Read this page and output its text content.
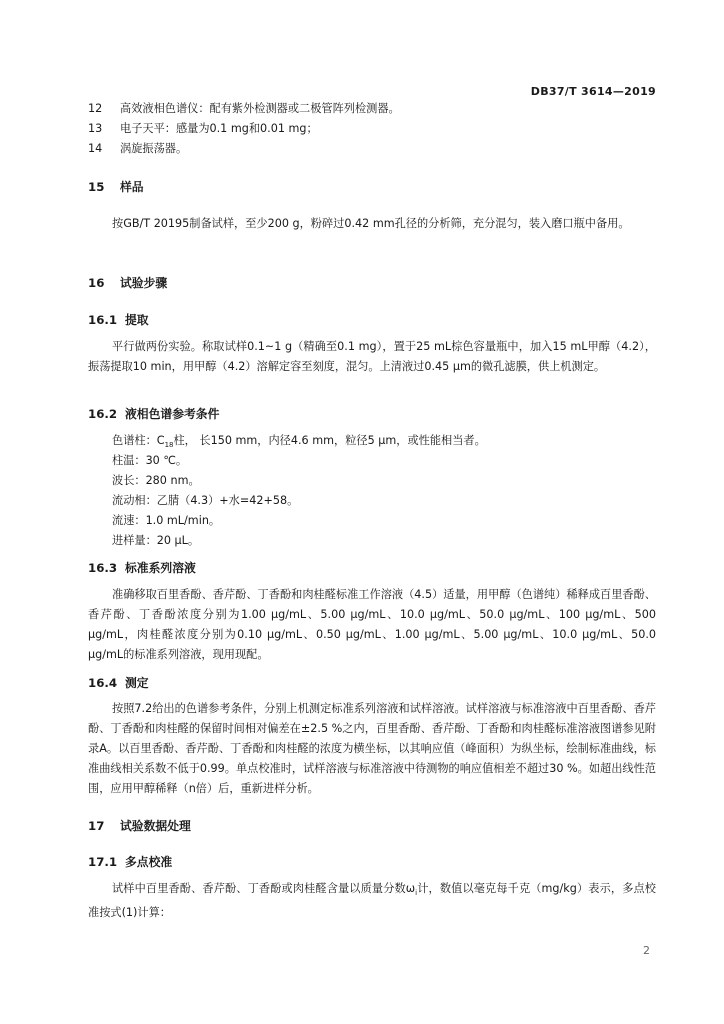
DB37/T 3614—2019
12 高效液相色谱仪：配有紫外检测器或二极管阵列检测器。
13 电子天平：感量为0.1 mg和0.01 mg；
14 涡旋振荡器。
15 样品
按GB/T 20195制备试样，至少200 g，粉碎过0.42 mm孔径的分析筛，充分混匀，装入磨口瓶中备用。
16 试验步骤
16.1 提取
平行做两份实验。称取试样0.1~1 g（精确至0.1 mg），置于25 mL棕色容量瓶中，加入15 mL甲醇（4.2），振荡提取10 min，用甲醇（4.2）溶解定容至刻度，混匀。上清液过0.45 μm的微孔滤膜，供上机测定。
16.2 液相色谱参考条件
色谱柱：$C_{18}$柱， 长150 mm，内径4.6 mm，粒径5 μm，或性能相当者。
柱温：30 ℃。
波长：280 nm。
流动相：乙腈（4.3）+水=42+58。
流速：1.0 mL/min。
进样量：20 μL。
16.3 标准系列溶液
准确移取百里香酚、香芹酚、丁香酚和肉桂醛标准工作溶液（4.5）适量，用甲醇（色谱纯）稀释成百里香酚、香芹酚、丁香酚浓度分别为1.00 μg/mL、5.00 μg/mL、10.0 μg/mL、50.0 μg/mL、100 μg/mL、500 μg/mL，肉桂醛浓度分别为0.10 μg/mL、0.50 μg/mL、1.00 μg/mL、5.00 μg/mL、10.0 μg/mL、50.0 μg/mL的标准系列溶液，现用现配。
16.4 测定
按照7.2给出的色谱参考条件，分别上机测定标准系列溶液和试样溶液。试样溶液与标准溶液中百里香酚、香芹酚、丁香酚和肉桂醛的保留时间相对偏差在±2.5 %之内，百里香酚、香芹酚、丁香酚和肉桂醛标准溶液图谱参见附录A。以百里香酚、香芹酚、丁香酚和肉桂醛的浓度为横坐标，以其响应值（峰面积）为纵坐标，绘制标准曲线，标准曲线相关系数不低于0.99。单点校准时，试样溶液与标准溶液中待测物的响应值相差不超过30 %。如超出线性范围，应用甲醇稀释（n倍）后，重新进样分析。
17 试验数据处理
17.1 多点校准
试样中百里香酚、香芹酚、丁香酚或肉桂醛含量以质量分数$\omega_i$计，数值以毫克每千克（mg/kg）表示，多点校准按式(1)计算：
2
